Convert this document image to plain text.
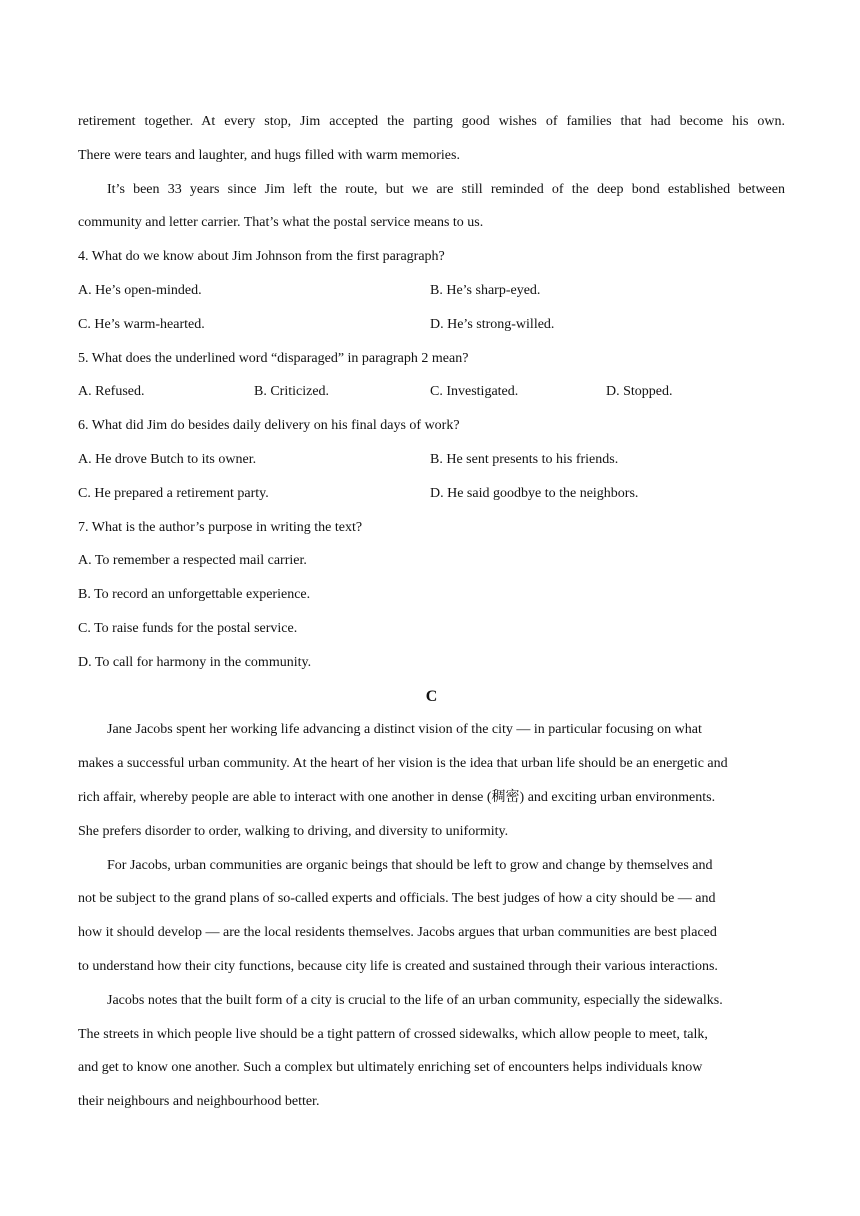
retirement together. At every stop, Jim accepted the parting good wishes of families that had become his own.
There were tears and laughter, and hugs filled with warm memories.
It’s been 33 years since Jim left the route, but we are still reminded of the deep bond established between
community and letter carrier. That’s what the postal service means to us.
4. What do we know about Jim Johnson from the first paragraph?
A. He’s open-minded.	B. He’s sharp-eyed.
C. He’s warm-hearted.	D. He’s strong-willed.
5. What does the underlined word “disparaged” in paragraph 2 mean?
A. Refused.	B. Criticized.	C. Investigated.	D. Stopped.
6. What did Jim do besides daily delivery on his final days of work?
A. He drove Butch to its owner.	B. He sent presents to his friends.
C. He prepared a retirement party.	D. He said goodbye to the neighbors.
7. What is the author’s purpose in writing the text?
A. To remember a respected mail carrier.
B. To record an unforgettable experience.
C. To raise funds for the postal service.
D. To call for harmony in the community.
C
Jane Jacobs spent her working life advancing a distinct vision of the city — in particular focusing on what
makes a successful urban community. At the heart of her vision is the idea that urban life should be an energetic and
rich affair, whereby people are able to interact with one another in dense (稠密) and exciting urban environments.
She prefers disorder to order, walking to driving, and diversity to uniformity.
For Jacobs, urban communities are organic beings that should be left to grow and change by themselves and
not be subject to the grand plans of so-called experts and officials. The best judges of how a city should be — and
how it should develop — are the local residents themselves. Jacobs argues that urban communities are best placed
to understand how their city functions, because city life is created and sustained through their various interactions.
Jacobs notes that the built form of a city is crucial to the life of an urban community, especially the sidewalks.
The streets in which people live should be a tight pattern of crossed sidewalks, which allow people to meet, talk,
and get to know one another. Such a complex but ultimately enriching set of encounters helps individuals know
their neighbours and neighbourhood better.
